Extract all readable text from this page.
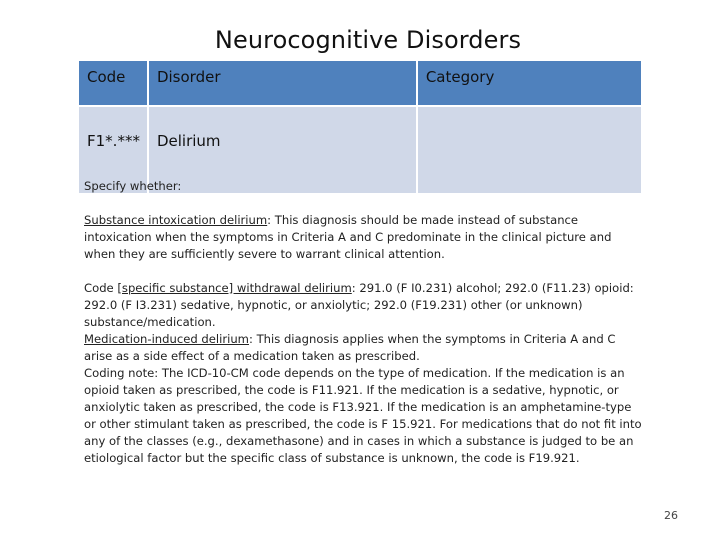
Neurocognitive Disorders
Code	Disorder	Category
F1*.***	Delirium	

Specify whether:

Substance intoxication delirium: This diagnosis should be made instead of substance intoxication when the symptoms in Criteria A and C predominate in the clinical picture and when they are sufficiently severe to warrant clinical attention.

Code [specific substance] withdrawal delirium: 291.0 (F I0.231) alcohol; 292.0 (F11.23) opioid: 292.0 (F I3.231) sedative, hypnotic, or anxiolytic; 292.0 (F19.231) other (or unknown) substance/medication.

Medication-induced delirium: This diagnosis applies when the symptoms in Criteria A and C arise as a side effect of a medication taken as prescribed.

Coding note: The ICD-10-CM code depends on the type of medication. If the medication is an opioid taken as prescribed, the code is F11.921. If the medication is a sedative, hypnotic, or anxiolytic taken as prescribed, the code is F13.921. If the medication is an amphetamine-type or other stimulant taken as prescribed, the code is F 15.921. For medications that do not fit into any of the classes (e.g., dexamethasone) and in cases in which a substance is judged to be an etiological factor but the specific class of substance is unknown, the code is F19.921.

26
